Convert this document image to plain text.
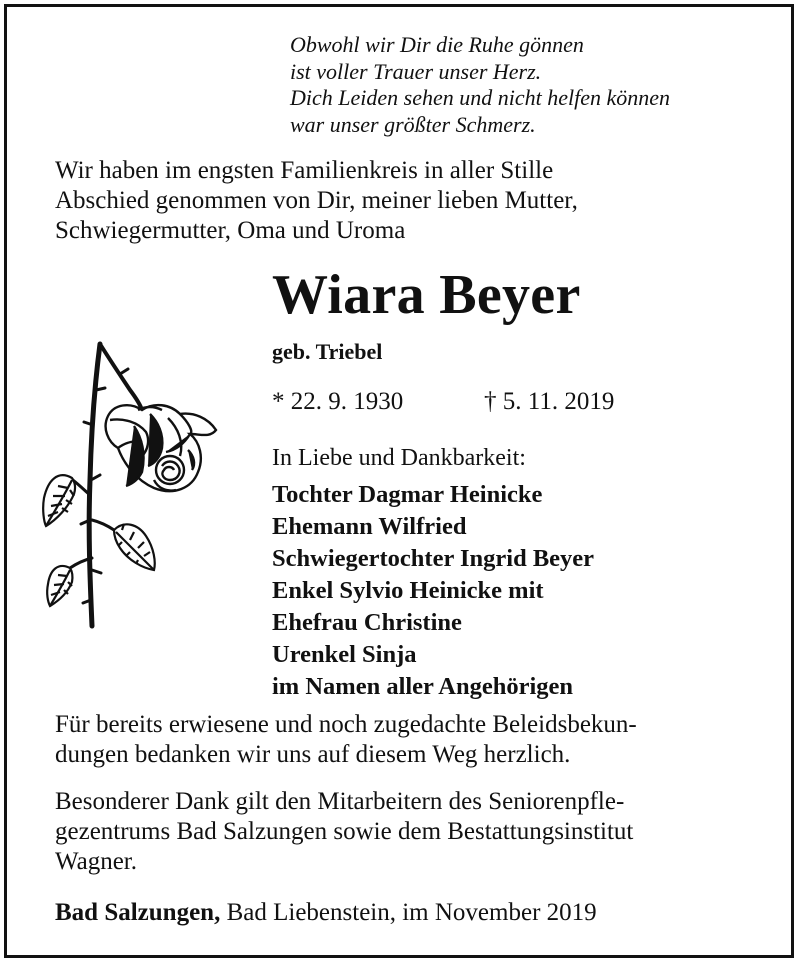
Obwohl wir Dir die Ruhe gönnen
ist voller Trauer unser Herz.
Dich Leiden sehen und nicht helfen können
war unser größter Schmerz.
Wir haben im engsten Familienkreis in aller Stille
Abschied genommen von Dir, meiner lieben Mutter,
Schwiegermutter, Oma und Uroma
Wiara Beyer
geb. Triebel
* 22. 9. 1930	† 5. 11. 2019
In Liebe und Dankbarkeit:
Tochter Dagmar Heinicke
Ehemann Wilfried
Schwiegertochter Ingrid Beyer
Enkel Sylvio Heinicke mit
Ehefrau Christine
Urenkel Sinja
im Namen aller Angehörigen
Für bereits erwiesene und noch zugedachte Beleidsbekun-
dungen bedanken wir uns auf diesem Weg herzlich.
Besonderer Dank gilt den Mitarbeitern des Seniorenpfle-
gezentrums Bad Salzungen sowie dem Bestattungsinstitut
Wagner.
Bad Salzungen, Bad Liebenstein, im November 2019
